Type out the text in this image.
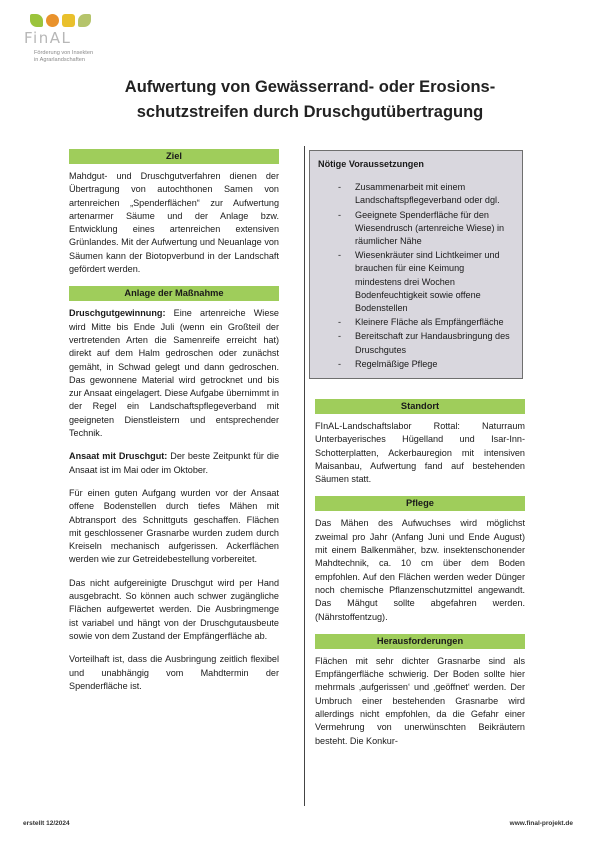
FinAL
Förderung von Insekten
in Agrarlandschaften
Aufwertung von Gewässerrand- oder Erosions-
schutzstreifen durch Druschgutübertragung
Ziel

Mahdgut- und Druschgutverfahren dienen der Übertragung von autochthonen Samen von artenreichen „Spenderflächen“ zur Aufwertung artenarmer Säume und der Anlage bzw. Entwicklung eines artenreichen extensiven Grünlandes. Mit der Aufwertung und Neuanlage von Säumen kann der Biotopverbund in der Landschaft gefördert werden.

Anlage der Maßnahme

Druschgutgewinnung: Eine artenreiche Wiese wird Mitte bis Ende Juli (wenn ein Großteil der vertretenden Arten die Samenreife erreicht hat) direkt auf dem Halm gedroschen oder zunächst gemäht, in Schwad gelegt und dann gedroschen. Das gewonnene Material wird getrocknet und bis zur Ansaat eingelagert. Diese Aufgabe übernimmt in der Regel ein Landschaftspflegeverband mit geeigneten Dienstleistern und entsprechender Technik.

Ansaat mit Druschgut: Der beste Zeitpunkt für die Ansaat ist im Mai oder im Oktober.

Für einen guten Aufgang wurden vor der Ansaat offene Bodenstellen durch tiefes Mähen mit Abtransport des Schnittguts geschaffen. Flächen mit geschlossener Grasnarbe wurden zudem durch Kreiseln mechanisch aufgerissen. Ackerflächen werden wie zur Getreidebestellung vorbereitet.

Das nicht aufgereinigte Druschgut wird per Hand ausgebracht. So können auch schwer zugängliche Flächen aufgewertet werden. Die Ausbringmenge ist variabel und hängt von der Druschgutausbeute sowie von dem Zustand der Empfängerfläche ab.

Vorteilhaft ist, dass die Ausbringung zeitlich flexibel und unabhängig vom Mahdtermin der Spenderfläche ist.

Nötige Voraussetzungen
- Zusammenarbeit mit einem Landschaftspflegeverband oder dgl.
- Geeignete Spenderfläche für den Wiesendrusch (artenreiche Wiese) in räumlicher Nähe
- Wiesenkräuter sind Lichtkeimer und brauchen für eine Keimung mindestens drei Wochen Bodenfeuchtigkeit sowie offene Bodenstellen
- Kleinere Fläche als Empfängerfläche
- Bereitschaft zur Handausbringung des Druschgutes
- Regelmäßige Pflege
Standort

FInAL-Landschaftslabor Rottal: Naturraum Unterbayerisches Hügelland und Isar-Inn-Schotterplatten, Ackerbauregion mit intensiven Maisanbau, Aufwertung fand auf bestehenden Säumen statt.

Pflege

Das Mähen des Aufwuchses wird möglichst zweimal pro Jahr (Anfang Juni und Ende August) mit einem Balkenmäher, bzw. insektenschonender Mahdtechnik, ca. 10 cm über dem Boden empfohlen. Auf den Flächen werden weder Dünger noch chemische Pflanzenschutzmittel angewandt. Das Mähgut sollte abgefahren werden. (Nährstoffentzug).

Herausforderungen

Flächen mit sehr dichter Grasnarbe sind als Empfängerfläche schwierig. Der Boden sollte hier mehrmals ‚aufgerissen‘ und ‚geöffnet‘ werden. Der Umbruch einer bestehenden Grasnarbe wird allerdings nicht empfohlen, da die Gefahr einer Vermehrung von unerwünschten Beikräutern besteht. Die Konkur-

erstellt 12/2024	www.final-projekt.de
